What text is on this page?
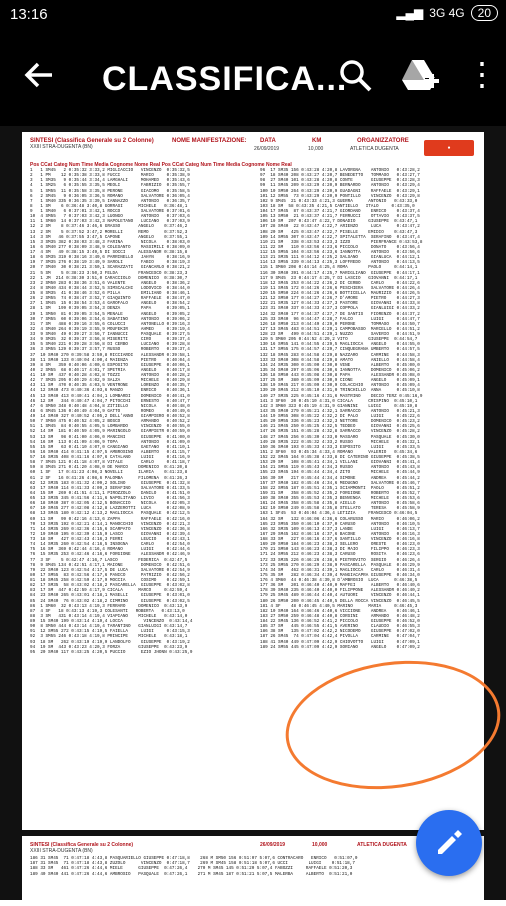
13:16	▂▄▆ 3G 4G	20
CLASSIFICA...	⋮
SINTESI (Classifica Generale su 2 Colonne)
XXIII STRA-DUGENTA (BN)
NOME MANIFESTAZIONE: DATA
26/09/2019
KM
10,000
ORGANIZZATORE
ATLETICA DUGENTA	●
Pos CCat Categ Num Time Media Cognome Nome Real Pos CCat Categ Num Time Media Cognome Nome Real
1   1 SM45   2 0:35:32 3:33,2 MIGLIACCIO   VINCENZO  0:35:32,5
2   1 PM    12 0:35:38 3:33,8 FUCCI        MARIO     0:35:38,9
3   1 SM35   9 0:35:44 3:34,4 LAMGHALI     MOHAMED   0:35:43,6
4   1 SM25   6 0:35:55 3:35,5 MEOLI        FABRIZIO  0:35:55,7
5   1 SM55  11 0:35:58 3:35,8 PERONE       GIACOMO   0:35:58,5
6   2 SM45   9 0:36:05 3:36,5 ROMANO       SALVATORE 0:36:05,4
7   1 SM40 335 0:36:35 3:39,5 IANNAZZO     ANTONIO   0:36:35,7
8   1 SM    6 0:36:48 3:40,8 GORRASI      MICHELE   0:36:48,1
9   1 SM40   6 0:37:01 3:42,1 ROCCO        SALVATORE 0:37:01,6
10  4 SM55   7 0:37:03 3:42,3 LUONGO       ANTONIO   0:37:03,6
11  1 SM60  14 0:37:03 3:42,3 NAPOLETANO   LUCIANO   0:37:03,9
12  2 SM    8 0:37:46 3:46,6 GRASSO       ANGELO    0:37:46,2
13  2 SM    5 0:37:52 3:47,2 MORELLI      REMO      0:37:52,3
14  3 SM   46 0:37:55 3:47,5 CAPONE       ANGELO    0:37:55,1
15  3 SM35 382 0:38:03 3:48,3 FARINA       NICOLA    0:38:03,0
16  6 SM40 277 0:38:09 3:48,9 COLESANTO    MASSIMILI 0:38:09,0
17  4 SM   49 0:38:15 3:49,5 DI SOCCI     ALESSANDR 0:38:15,8
18  6 SM35 319 0:38:16 3:49,6 PARRINELLO   JAHYN     0:38:16,9
19  7 SM35 276 0:38:19 3:49,9 SAROLI       FABIO     0:38:19,3
20  7 SM40  30 0:38:21 3:50,1 SCARAZZATI   GIANCARLO 0:38:21,2
21  5 SM    5 0:38:23 3:50,3 FELDA        FRANCESCO 0:38:23,3
22  1 JM  214 0:38:30 3:51,0 CARACCIOLO   DOMENICO  0:38:30,7
23  2 SM50 283 0:38:36 3:51,6 VALENTE      ANGELO    0:38:36,2
24  8 SM40 434 0:38:44 3:52,5 SIMSCALCHI   LODOVICO  0:38:44,0
25  8 SM35  41 0:38:46 3:52,6 PILLA        EMILIANO  0:38:46,1
26  2 SM55  74 0:38:47 3:52,7 GIAQUINTO    RAFFAELE  0:38:47,0
27  1 SM45  15 0:38:54 3:53,4 GAROFALO     ANGELO    0:38:54,2
28  1 SM   199 0:39:05 3:54,3 DENZA        PAPA      0:39:05,1
29  1 SM50  81 0:39:05 3:54,5 MENALE       ANGELO    0:39:05,2
30  7 SM55  60 0:39:06 3:54,6 SABATINO     ANTONIO   0:39:06,2
31  7 SM   488 0:39:16 3:55,6 COLUCCI      ANTONELLO 0:39:16,3
32  4 SM40 264 0:39:19 3:55,9 MOUFEKIR     AHMED     0:39:19,4
33  9 SM40  49 0:39:27 3:56,7 IANNUCCI     PASQUALE  0:39:27,5
34  9 SM35  32 0:39:37 3:56,8 MISERITI     CIRO      0:39:37,4
35  5 SM40 221 0:39:28 3:56,8 DI CERBO     LUCIANO   0:39:28,8
36  3 SM55 129 0:39:37 3:57,7 RUSSO        ROBERTO   0:39:37,4
37  10 SM40 270 0:39:58 3:59,8 RICCIARDI   ALESSANDR 0:39:58,1
38  11 SM40 133 0:40:04 4:00,4 MAIENZA     PIETRO    0:40:04,4
39  8 SM   359 0:40:06 4:00,6 ESPOSITO     GIUSEPPE  0:40:06,1
40  2 SM55  68 0:40:17 4:01,7 SPETRIA      ANGELO    0:40:17,8
41  10 SM  437 0:40:28 4:02,8 TOZZI        ANTONIO   0:40:28,2
42  7 SM35 295 0:40:29 4:02,9 SALZA        MICHELE   0:40:29,8
43  11 SM  470 0:40:35 4:03,5 VENTRONE     LORENZO   0:40:35,7
44  12 SM40 473 0:40:36 4:03,6 MANZO       ENRICO    0:40:36,1
45  13 SM40 413 0:40:41 4:04,1 LOMBARDI    DOMENICO  0:40:41,0
46  12 SM   344 0:40:47 4:04,7 PITOCCHI    ERNESTO   0:40:47,7
47  6 SM50 348 0:40:48 4:04,8 ZITIELLO     NICOLA    0:40:48,0
48  6 SM45 136 0:40:49 4:04,9 GATTO        ROMEO     0:40:49,6
49  14 SM40 327 0:40:52 4:05,2 DELL'ANNO   GIAMPIERO 0:40:52,8
50  7 SM50 475 0:40:52 4:05,2 BOSCO        ARMANDO   0:40:52,2
51  1 SM45  84 0:40:55 4:05,5 LOMBARDO     VINCENZO  0:40:55,0
52  14 SM  181 0:40:59 4:05,9 MARINGOLO    GIAMPIETR 0:40:59,0
53  13 SM   98 0:41:00 4:06,0 MANCINI      GIUSEPPE  0:41:00,0
54  16 SM  113 0:41:09 4:06,9 TOPA         ANTONIO   0:41:09,0
55  15 SM   63 0:41:10 4:07,0 CANGIANO     GAETANO   0:41:10,1
56  16 SM40 414 0:41:15 4:07,5 AMBROSINO   ALBERTO   0:41:15,7
57  16 SM35 408 0:41:16 4:07,6 CATALANO    LUIGI     0:41:16,9
58  7 SM45 121 0:41:18 4:07,8 VITALE       CARLO     0:41:18,7
59  8 SM45 271 0:41:20 4:08,0 DE MARCO    DOMENICO  0:41:20,8
60  1 SF   17 0:41:23 4:08,3 NOVELLI      ILARIA    0:41:23,8
61  2 SF   16 0:41:26 4:08,6 PALOMBA      FILOMENA  0:41:26,3
62  12 SM35 183 0:41:32 4:09,2 SOLINO      GIUSEPPE  0:41:32,8
63  17 SM40 114 0:41:33 4:09,3 SERAFINO    SALVATORE 0:41:33,5
64  15 SM  269 0:41:51 4:11,1 PIROZZOLO    DANILO    0:41:51,0
65  13 SM35 345 0:41:56 4:11,6 NAPOLITANO  LIVIO     0:41:56,3
66  18 SM40 387 0:42:05 4:12,5 BONACCIO    NICOLA    0:42:05,3
67  10 SM45 277 0:42:08 4:12,8 LAZZEROTTI  LUCA      0:42:08,9
68  13 SM45 180 0:42:12 4:13,2 MAGLIOCCA   PASQUALE  0:42:12,5
69  11 SM   99 0:42:16 4:13,6 ZAPPA        RAFFAELE  0:42:16,0
70  13 SM35 192 0:42:21 4:14,1 MANOCCHIO   VINCENZO  0:42:21,3
71  14 SM35 269 0:42:36 4:15,6 SCARPATO    VINCENZO  0:42:36,8
72  19 SM40 195 0:42:39 4:15,9 LASCO       GIOVANNI  0:42:39,4
73  18 SM   427 0:42:43 4:16,3 FERRI       LEUCIO    0:42:43,1
74  14 SM35 260 0:42:54 4:16,5 INSOGNA     CARLO     0:42:54,0
75  16 SM  369 0:42:44 4:16,4 ROMANO       LUIGI     0:42:44,6
76  15 SM35 253 0:42:46 4:16,6 FORGIONE    ALESSANDR 0:42:46,9
77  3 SF    5 0:42:47 4:16,7 LASCO        FEDERICA  0:42:47,5
78  9 SM45 134 0:42:51 4:17,1 MAIONE       DOMENICO  0:42:51,6
79  22 SM40 123 0:42:54 4:17,5 DE LUCA     SALVATORE 0:42:54,9
80  17 SM55  83 0:42:56 4:17,6 PANICO      PATRIZIO  0:42:56,2
81  18 SM45 258 0:42:59 4:17,9 MOCCIA      COSIMO    0:42:59,1
82  17 SM35  58 0:43:02 4:18,2 PASCARELLA  GIUSEPPE  0:43:02,8
83  17 SM  447 0:42:59 4:17,9 CICALA      MARCO     0:42:59,4
84  23 SM40 265 0:43:01 4:18,1 MASELLI     GIUSEPPE  0:43:01,0
85  24 SM40  76 0:43:02 4:18,2 CIMMINO     GIUSEPPE  0:43:02,5
86  1 SM60  32 0:43:13 4:19,3 FERRARO     DOMENICO  0:43:13,9
87  4 SF   18 0:43:13 4:19,3 COLESANTI   ROBERTA   0:43:13,0
88  3 SM   431 0:43:14 4:19,4 VIAPIANO    MICHELE   0:43:14,0
89  15 SM40 199 0:43:14 4:19,4 LOCCA        VINCENZO  0:43:14,4
90  8 SM50 444 0:43:14 4:19,4 TARANTINO   GIANLUIGI 0:43:14,7
91  12 SM55 272 0:43:15 4:19,5 FAIELLA     LUIGI     0:43:15,3
92  3 SM55 246 0:43:18 4:19,8 PRINCIPE    MICHELE   0:43:18,1
93  18 SM   262 0:43:19 4:19,9 LANDOLFO    GIUSEPPE  0:43:19,2
94  19 SM  443 0:43:23 4:20,3 FORZA       GIUSEPPE  0:43:23,9
95  20 SM40 117 0:43:25 4:20,5 PUCCIO      EZIO JHONN 0:43:25,9
96  17 SM35 156 0:43:28 4:20,8 LAVORGNA    ANTONIO   0:43:28,2
97  18 SM40 208 0:43:27 4:20,7 BENEDETTO   TOMMASO   0:43:27,7
98  27 SM40 101 0:43:28 4:20,8 CONTE       GIUSEPPE  0:43:28,3
99  11 SM45 209 0:43:29 4:20,9 BERNARDO    ANTONIO   0:43:29,4
100 10 SM50 264 0:43:29 4:20,9 GUADAGNI    RAFFAELE  0:43:29,1
101 12 SM55  73 0:43:29 4:20,9 PONTILLO    VINCENZO  0:43:29,8
102 9 SM45  21 0:43:33 4:21,3 GUERRA      ANTONIO   0:43:33,0
103 18 SM  58 0:43:35 4:21,5 CANTIELLO   ITALO     0:43:35,0
104 17 SM45  87 0:43:37 4:21,7 GIORDANO    ENRICO    0:43:37,4
105 13 SM50  21 0:43:37 4:21,7 FERRUCCI    OTTAVIO   0:43:37,5
106 19 SM  207 0:43:47 4:22,7 DONADIO     GIUSEPPE  0:43:47,1
107 28 SM40  22 0:43:47 4:22,7 ARIENZO     LUCA      0:43:47,2
108 20 SM   425 0:43:47 4:22,7 PISELLE    EMIDIO    0:43:47,3
109 14 SM55 307 0:43:47 4:22,7 SPITALETTA  SERAFINO  0:43:47,4
110 21 SM   338 0:43:53 4:23,3 IZZO        PIERFRANCE 0:43:53,8
111 22 SM   110 0:43:56 4:23,6 PICCOLO     DONATO    0:43:56,4
112 15 SM55 104 0:43:56 4:23,6 IANNOTTA    ANTONIO   0:43:56,6
113 21 SM35 111 0:44:12 4:25,2 SALSANO     GIANLUCA  0:44:12,1
114 13 SM55 339 0:44:13 4:25,3 LOFFREDO    ANTONIO   0:44:13,5
115 1 SM60 208 0:44:14 4:25,4 ROMA        PAOLO     0:44:14,1
116 30 SM40 391 0:44:17 4:25,7 MARIGLIANO  GIUSEPPE  0:44:17,1
117 9 SM45  23 0:44:17 4:25,7 DI LASCIO   GIOVANNI  0:44:17,1
118 12 SM45 253 0:44:22 4:26,2 DI CERBO    CARLO     0:44:22,6
119 11 SM45 172 0:44:26 4:26,6 PESCHIERA   SALVATORE 0:44:26,4
120 15 SM50 224 0:44:26 4:26,6 BOTTICELLA  MAURIZIO  0:44:26,5
121 12 SM50 177 0:44:27 4:26,7 D'AMORE     PIETRO    0:44:27,3
122 21 SM35 127 0:44:33 4:27,3 PASTORE     GIOVANNI  0:44:33,8
123 31 SM40 337 0:44:33 4:27,3 COPPOLA     GIANLUIGI 0:44:33,2
124 32 SM40 177 0:44:37 4:27,7 DE SANTIS   FIORENZO  0:44:37,2
125 33 SM40  96 0:44:47 4:28,7 FALCO       LUIGI     0:44:47,7
126 18 SM50 213 0:44:49 4:29,0 PERONE      TOMMASO   0:44:50,7
127 13 SM45 483 0:44:51 4:29,1 CAMPOBASSO  MARCELLO  0:44:51,2
128 23 SM   499 0:44:51 4:29,1 NUZZO       SAVERIO   0:44:51,9
129 5 SM60 205 0:44:52 4:29,2 VITO        GIUSEPPE  0:44:54,7
130 16 SM55 141 0:44:55 4:29,5 MAGLIOCCA   ANGELO    0:44:55,0
131 17 SM55 175 0:44:57 4:29,7 CINQUEGRANA UMBERTO   0:44:57,5
132 18 SM45 283 0:44:58 4:29,8 NAZZARO     CARMINE   0:44:58,3
133 33 SM40 308 0:44:58 4:29,8 AMATO       ANIELLO   0:44:58,4
134 24 SM35 300 0:45:00 4:30,0 VENE        ALBERTO   0:45:00,0
135 34 SM40 297 0:45:06 4:30,6 IANNOTTA    DOMENICO  0:45:06,2
136 18 SM50 443 0:45:08 4:30,8 PAPA        ALESSANDR 0:45:08,0
137 25 SM   380 0:45:09 4:30,9 CIONE       ANGELO    0:45:09,1
138 19 SM45 217 0:45:09 4:30,9 COLACCHIO   ANTONIO   0:45:09,4
139 20 SM45 212 0:45:10 4:31,0 TRINCHILLO  ANNA      0:45:10,8
140 27 SM35 225 0:45:16 4:31,6 MASTRINO    DECIO TERZ 0:45:16,9
141 3 SF60  20 0:45:10 4:31,0 CICALA      CRISPINO  0:45:10,1
142 3 SM60 323 0:45:19 4:31,9 GIANNINI    LUIGI     0:45:19,8
143 35 SM40 279 0:45:21 4:32,1 SARRACCO    ANTONIO   0:45:21,3
144 19 SM55 308 0:45:22 4:32,2 DI PALO     LUIGI     0:45:22,6
145 20 SM55 336 0:45:23 4:32,3 NETTORE     DOMENICO  0:45:23,2
146 21 SM45 250 0:45:25 4:32,5 TEDDEO      GIOVANNI  0:45:25,6
147 26 SM35 151 0:45:28 4:32,8 SARRACCO    VINCENZO  0:45:28,2
148 27 SM45 256 0:45:30 4:33,0 MASSARO     PASQUALE  0:45:30,0
149 28 SM35 222 0:45:32 4:33,2 RUSSO       MICHELE   0:45:32,1
150 36 SM40 193 0:45:33 4:33,3 ESPOSITO    LUIGI     0:45:33,5
151 2 SF60  93 0:45:34 4:33,4 ROMANO      VALERIO   0:45:34,6
152 22 SM45 164 0:45:38 4:33,8 DI CATERINO GIUSEPPE  0:45:38,5
153 29 SM   108 0:45:41 4:34,1 VILLANI     GIOVANNI  0:45:41,4
154 21 SM55 119 0:45:43 4:34,3 RUSSO       ANTONIO   0:45:43,8
155 23 SM45 194 0:45:44 4:34,4 ZITO        MICHELE   0:45:44,9
156 30 SM   217 0:45:44 4:34,4 SIMONE      ANDREA    0:45:44,2
157 37 SM40 182 0:45:46 4:34,6 MEDUGNO     SALVATORE 0:45:46,7
158 22 SM55 187 0:45:51 4:35,1 SCIAMMONTI  PAOLO     0:45:51,2
159 31 SM   358 0:45:52 4:35,2 FORGIONE    ROBERTO   0:45:52,7
160 38 SM40 355 0:45:53 4:35,3 BENVENGA    MICHELE   0:45:53,6
161 24 SM45 358 0:45:58 4:35,8 AIELLO      ANTONIO   0:45:58,6
162 19 SM50 249 0:45:58 4:35,8 STELLATO    TERESA    0:45:58,9
163 1 SF45  53 0:46:04 4:36,4 LETIZIA     FRANCESCO 0:46:04,5
164 32 SM   132 0:46:06 4:36,6 COLARUSSO   MARIO     0:46:06,2
165 23 SM55 350 0:46:10 4:37,0 CARUSO      ANTONIO   0:46:10,5
166 32 SM35 109 0:46:13 4:37,3 LANDE       LUIGI     0:46:13,7
167 29 SM45 162 0:46:16 4:37,6 BACONE      ANTONIO   0:46:16,3
168 33 SM   227 0:46:16 4:37,6 SANTILLO    VINCENZO  0:46:16,8
169 20 SM50 184 0:46:23 4:38,3 SELLERO     ORESTE    0:46:23,0
170 21 SM50 143 0:46:23 4:38,3 DI MAIO     FILIPPO   0:46:23,3
171 24 SM55 212 0:46:23 4:38,3 CARUSO      ROSITA    0:46:23,6
172 33 SM35 226 0:46:26 4:38,6 PIETROVITO  SERGIO    0:46:26,4
173 25 SM55 270 0:46:29 4:38,9 PASCARELLA  PASQUALE  0:46:29,9
174 34 SM   462 0:46:31 4:39,1 MAGLIOCCA   CARLO     0:46:31,4
175 35 SM   282 0:46:34 4:39,4 MANGIACAPRA GIUSEPPE  0:46:34,0
176 4 SM60  44 0:46:38 4:39,8 D'AMBROSIO  LUCA      0:46:38,5
177 36 SM   201 0:46:40 4:40,0 MAFFEI      ALBERTO   0:46:40,6
178 39 SM40 235 0:46:40 4:40,0 FILIPPONE   ALESSANDR 0:46:40,2
179 25 SM45 489 0:46:44 4:40,4 AUTUORI     VINCENZO  0:46:44,1
180 26 SM50 200 0:46:45 4:40,5 DELLA ROCCA VINCENZO  0:46:45,5
181 4 SF    48 0:46:45 4:40,5 MARINO      MARIA     0:46:45,3
182 10 SM40 164 0:46:46 4:40,6 VICCIONE    ANDREA    0:46:46,1
183 27 SM50 259 0:46:48 4:40,8 CORSINI     ARMANDO   0:46:48,2
184 22 SM45 136 0:46:52 4:41,2 PICCOLO     GIUSEPPE  0:46:52,0
185 37 SM   445 0:46:55 4:41,5 AVERINO     CLAUDIO   0:46:55,3
186 38 SM   135 0:47:02 4:42,2 NICODEMO    GIUSEPPE  0:47:02,0
187 26 SM45  74 0:47:04 4:42,4 PIVOLLA     CARMINE   0:47:04,7
188 41 SM40 449 0:47:09 4:42,9 CHIOVOTTO   LUIGI     0:47:09,1
189 24 SM55 445 0:47:09 4:42,9 SORIANO     ANGELO    0:47:09,2
SINTESI (Classifica Generale su 2 Colonne)	26/09/2019	10,000	ATLETICA DUGENTA
XXIII STRA-DUGENTA (BN)
186 31 SM45  71 0:47:18 4:43,8 PASQUARIELLO GIUSEPPE 0:47:18,8    268 M SM50 156 0:51:07 5:07,6 CONTRACARO   ENRICO   0:51:07,0
187 31 SM45  71 0:47:18 4:43,8 ZUZOLO      VINCENZO  0:47:18,7    269 M SM45 158 0:51:18 5:07,6 UCCI        LUIGI    0:51:18,7
188 33 SM   461 0:47:26 4:44,6 MIELE      GIUSEPPE  0:47:26,4    270 M SM45 145 0:51:20 5:07,4 FABOZZI     RAFFAELE 0:51:20,3
189 40 SM40 441 0:47:26 4:44,6 AMBROSIO   PASQUALE  0:47:26,1    271 M SM45 187 0:51:21 5:07,5 MALERBA     ALBERTO  0:51:21,0
